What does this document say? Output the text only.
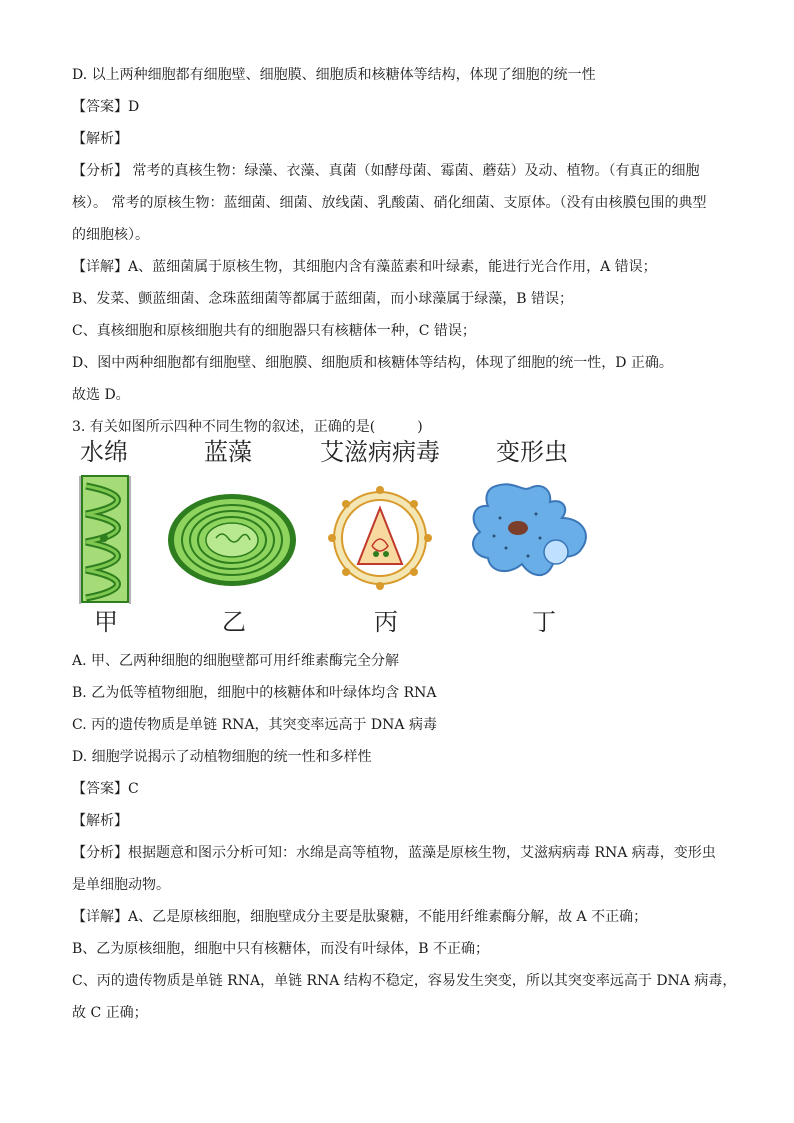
D. 以上两种细胞都有细胞壁、细胞膜、细胞质和核糖体等结构，体现了细胞的统一性
【答案】D
【解析】
【分析】 常考的真核生物：绿藻、衣藻、真菌（如酵母菌、霉菌、蘑菇）及动、植物。（有真正的细胞
核）。 常考的原核生物：蓝细菌、细菌、放线菌、乳酸菌、硝化细菌、支原体。（没有由核膜包围的典型
的细胞核）。
【详解】A、蓝细菌属于原核生物，其细胞内含有藻蓝素和叶绿素，能进行光合作用，A 错误；
B、发菜、颤蓝细菌、念珠蓝细菌等都属于蓝细菌，而小球藻属于绿藻，B 错误；
C、真核细胞和原核细胞共有的细胞器只有核糖体一种，C 错误；
D、图中两种细胞都有细胞壁、细胞膜、细胞质和核糖体等结构，体现了细胞的统一性，D 正确。
故选 D。
3. 有关如图所示四种不同生物的叙述，正确的是(　　　)
水绵	蓝藻	艾滋病病毒 变形虫
甲	乙	丙	丁
A. 甲、乙两种细胞的细胞壁都可用纤维素酶完全分解
B. 乙为低等植物细胞，细胞中的核糖体和叶绿体均含 RNA
C. 丙的遗传物质是单链 RNA，其突变率远高于 DNA 病毒
D. 细胞学说揭示了动植物细胞的统一性和多样性
【答案】C
【解析】
【分析】根据题意和图示分析可知：水绵是高等植物，蓝藻是原核生物，艾滋病病毒 RNA 病毒，变形虫
是单细胞动物。
【详解】A、乙是原核细胞，细胞壁成分主要是肽聚糖，不能用纤维素酶分解，故 A 不正确；
B、乙为原核细胞，细胞中只有核糖体，而没有叶绿体，B 不正确；
C、丙的遗传物质是单链 RNA，单链 RNA 结构不稳定，容易发生突变，所以其突变率远高于 DNA 病毒，
故 C 正确；
